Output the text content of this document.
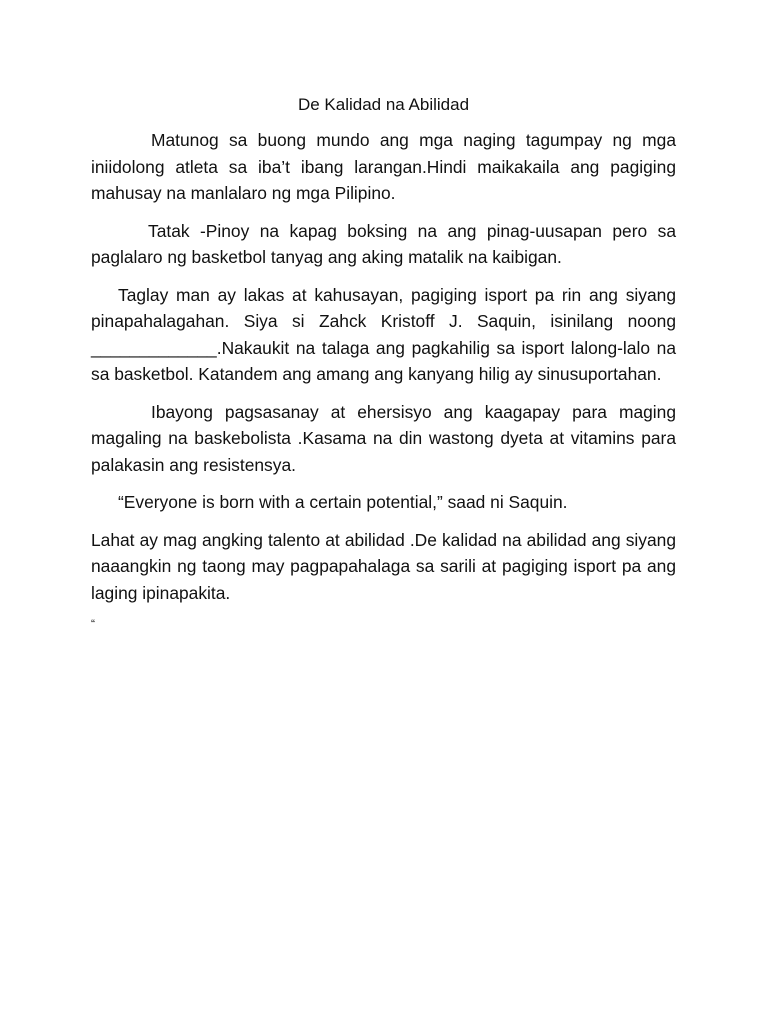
De Kalidad na Abilidad

Matunog sa buong mundo ang mga naging tagumpay ng mga iniidolong atleta sa iba’t ibang larangan.Hindi maikakaila ang pagiging mahusay na manlalaro ng mga Pilipino.

Tatak -Pinoy na kapag boksing na ang pinag-uusapan pero sa paglalaro ng basketbol tanyag ang aking matalik na kaibigan.

Taglay man ay lakas at kahusayan, pagiging isport pa rin ang siyang pinapahalagahan. Siya si Zahck Kristoff J. Saquin, isinilang noong _____________.Nakaukit na talaga ang pagkahilig sa isport lalong-lalo na sa basketbol. Katandem ang amang ang kanyang hilig ay sinusuportahan.

Ibayong pagsasanay at ehersisyo ang kaagapay para maging magaling na baskebolista .Kasama na din wastong dyeta at vitamins para palakasin ang resistensya.

“Everyone is born with a certain potential,” saad ni Saquin.

Lahat ay mag angking talento at abilidad .De kalidad na abilidad ang siyang naaangkin ng taong may pagpapahalaga sa sarili at pagiging isport pa ang laging ipinapakita.

“
